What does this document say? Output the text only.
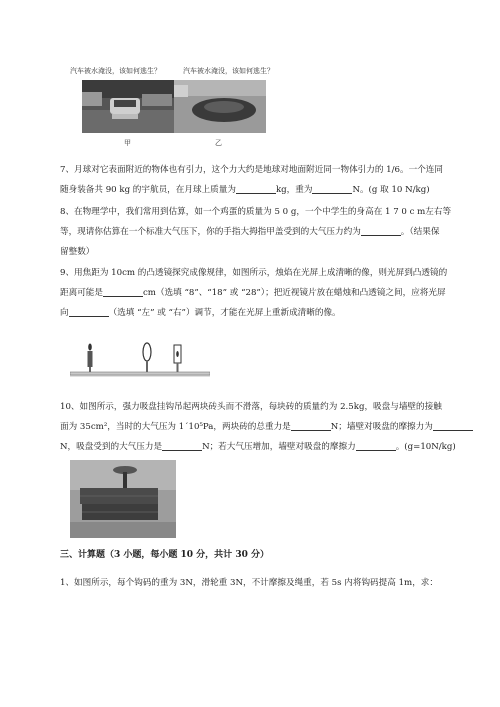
汽车被水淹没，该如何逃生？	汽车被水淹没，该如何逃生？
甲	乙

7、月球对它表面附近的物体也有引力，这个力大约是地球对地面附近同一物体引力的 1/6。一个连同

随身装备共 90 kg 的宇航员，在月球上质量为	kg，重为	N。(g 取 10 N/kg)

8、在物理学中，我们常用到估算，如一个鸡蛋的质量为 5 0 g，一个中学生的身高在 1 7 0 c m左右等

等，现请你估算在一个标准大气压下，你的手指大拇指甲盖受到的大气压力约为	。（结果保

留整数）

9、用焦距为 10cm 的凸透镜探究成像规律，如图所示，烛焰在光屏上成清晰的像，则光屏到凸透镜的

距离可能是	cm（选填 “8”、“18” 或 “28”）；把近视镜片放在蜡烛和凸透镜之间，应将光屏

向	（选填 “左” 或 “右”）调节，才能在光屏上重新成清晰的像。

10、如图所示，强力吸盘挂钩吊起两块砖头而不滑落，每块砖的质量约为 2.5kg，吸盘与墙壁的接触

面为 35cm²，当时的大气压为 1´10⁵Pa，两块砖的总重力是	N；墙壁对吸盘的摩擦力为

N，吸盘受到的大气压力是	N；若大气压增加，墙壁对吸盘的摩擦力	。(g=10N/kg)

三、计算题（3 小题，每小题 10 分，共计 30 分）

1、如图所示，每个钩码的重为 3N，滑轮重 3N，不计摩擦及绳重，若 5s 内将钩码提高 1m，求：
